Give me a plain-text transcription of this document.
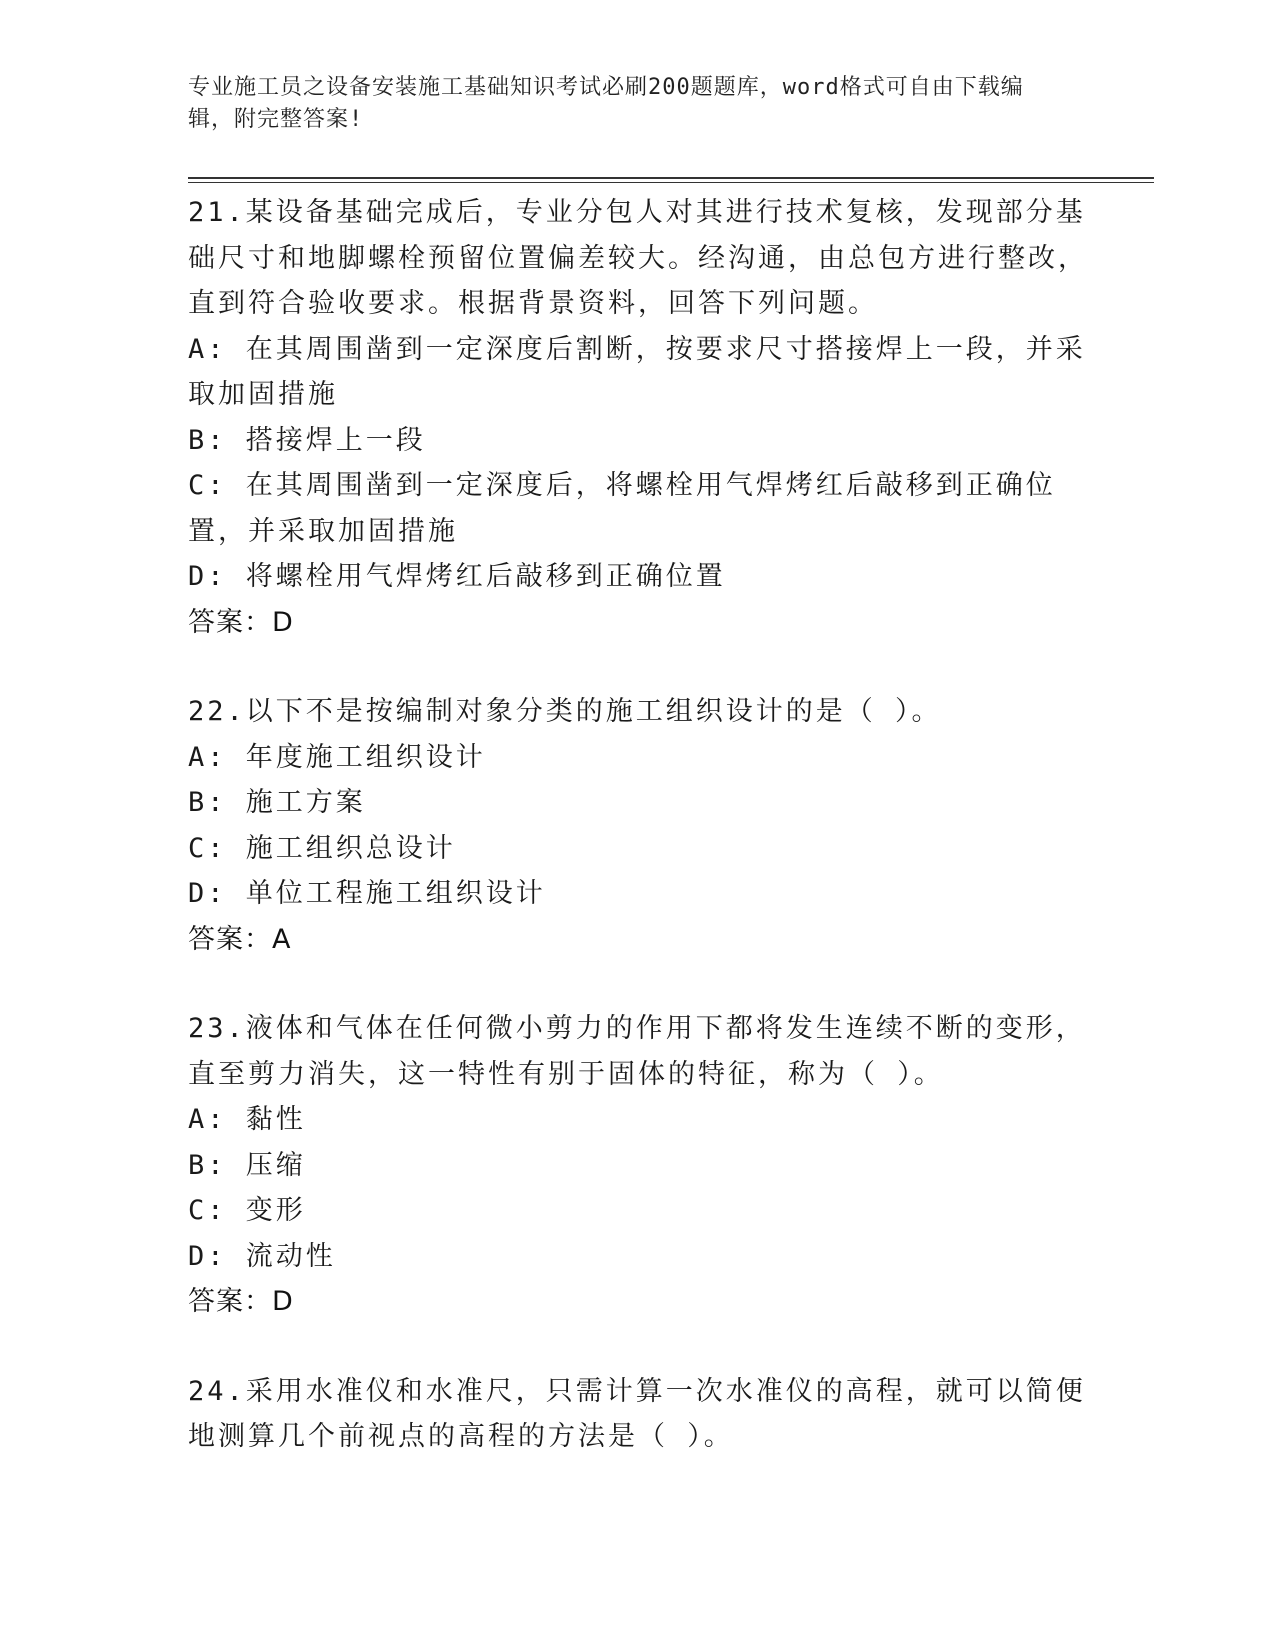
专业施工员之设备安装施工基础知识考试必刷200题题库，word格式可自由下载编辑，附完整答案!
21.某设备基础完成后，专业分包人对其进行技术复核，发现部分基础尺寸和地脚螺栓预留位置偏差较大。经沟通，由总包方进行整改，直到符合验收要求。根据背景资料，回答下列问题。
A: 在其周围凿到一定深度后割断，按要求尺寸搭接焊上一段，并采取加固措施
B: 搭接焊上一段
C: 在其周围凿到一定深度后，将螺栓用气焊烤红后敲移到正确位置，并采取加固措施
D: 将螺栓用气焊烤红后敲移到正确位置
答案：D
22.以下不是按编制对象分类的施工组织设计的是（ ）。
A: 年度施工组织设计
B: 施工方案
C: 施工组织总设计
D: 单位工程施工组织设计
答案：A
23.液体和气体在任何微小剪力的作用下都将发生连续不断的变形，直至剪力消失，这一特性有别于固体的特征，称为（ ）。
A: 黏性
B: 压缩
C: 变形
D: 流动性
答案：D
24.采用水准仪和水准尺，只需计算一次水准仪的高程，就可以简便地测算几个前视点的高程的方法是（ ）。
